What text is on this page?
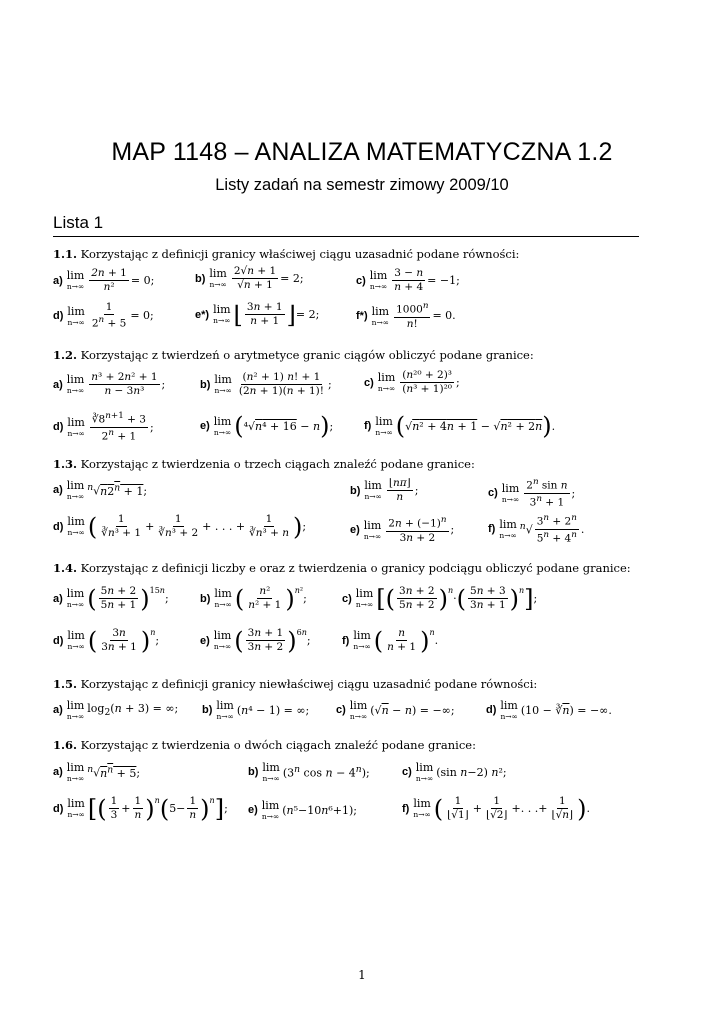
MAP 1148 – ANALIZA MATEMATYCZNA 1.2
Listy zadań na semestr zimowy 2009/10
Lista 1
1.1. Korzystając z definicji granicy właściwej ciągu uzasadnić podane równości:
a) lim
$n\to\infty \frac{2n + 1}{\text{n²}} = 0$;	b) lim
$n\to\infty \frac{2√n + 1}{√n + 1} = 2$;	c) lim
$n\to\infty \frac{3 - n}{n + 4} = -1$;
d) lim
$n\to\infty \frac{1}{2^n + 5} = 0$;	e*) lim
n→∞ ⌊ $\frac{3n + 1}{n + 1}$ ⌋ = 2;	f*) lim
$n\to\infty \frac{1000^n}{n!} = 0$.
1.2. Korzystając z twierdzeń o arytmetyce granic ciągów obliczyć podane granice:
a) lim
$n\to\infty \frac{\text{n³ + 2n² + 1}}{\text{n − 3n³}}$ ;	b) lim
$n\to\infty \frac{\text{(n² + 1) n! + 1}}{(2n + 1)(n + 1)!}$ ;	c) lim
$n\to\infty \frac{\text{(n²⁰ + 2)³}}{\text{(n³ + 1)²⁰}}$ ;
d) lim
$n\to\infty \frac{∛8^{n+1} + 3}{2^n + 1}$ ;	e) lim
n→∞ ( ⁴√n⁴ + 16 − n ) ;	f) lim
n→∞ ( √n² + 4n + 1 − √n² + 2n ) .
1.3. Korzystając z twierdzenia o trzech ciągach znaleźć podane granice:
a) lim
n→∞
$^n√n2^n + 1$;	b) lim
$n\to\infty \frac{⌊n\pi⌋}{n}$ ;	c) lim
$n\to\infty \frac{2^n \sin n}{3^n + 1}$ ;
d) lim
n→∞ ( $\frac{1}{\text{∛n³ + 1}} + \frac{1}{\text{∛n³ + 2}}$ + . . . + $\frac{1}{\text{∛n³ + n}}$ ) ;	e) lim
$n\to\infty \frac{2n + (-1)^n}{3n + 2}$ ;	f) lim
n→∞
$^n√ \frac{3^n + 2^n}{5^n + 4^n}$ .
1.4. Korzystając z definicji liczby e oraz z twierdzenia o granicy podciągu obliczyć podane granice:
a) lim
n→∞ ( $\frac{5n + 2}{5n + 1} )^{15n}$
;	b) lim
n→∞ ( $\frac{\text{n²}}{\text{n² + 1}}$ ) $^{n^2}$
;	c) lim
n→∞ [ ( $\frac{3n + 2}{5n + 2}$ ) $^n$
· ( $\frac{5n + 3}{3n + 1}$ ) $^n$ ] ;
d) lim
n→∞ ( $\frac{3n}{3n + 1}$ ) $^n$
;	e) lim
n→∞ ( $\frac{3n + 1}{3n + 2} )^{6n}$
;	f) lim
n→∞ ( $\frac{n}{n + 1}$ ) $^n$
.
1.5. Korzystając z definicji granicy niewłaściwej ciągu uzasadnić podane równości:
a) lim
n→∞
$\log_2(n + 3)$ = ∞; b) lim
n→∞ (n⁴ − 1) = ∞; c) lim
n→∞ (√n − n) = −∞;	d) lim
n→∞ $(10 - ∛\overline{n})$ = −∞.
1.6. Korzystając z twierdzenia o dwóch ciągach znaleźć podane granice:
a) lim
n→∞
$^n√n^n + 5$;	b) lim
n→∞ (3$^n$ $\cos n - 4^n$);	c) lim
n→∞ (sin n−2) n²;
d) lim
n→∞ [ ( $\frac{1}{3} + \frac{1}{n}$ ) $^n$ ( $5- \frac{1}{n}$ ) $^n$ ] ; e) lim
n→∞ (n⁵−10n⁶+1);	f) lim
n→∞ ( $\frac{1}{⌊√1⌋} + \frac{1}{⌊√2⌋}$ +. . .+ $\frac{1}{⌊√n⌋}$ ) .
1
